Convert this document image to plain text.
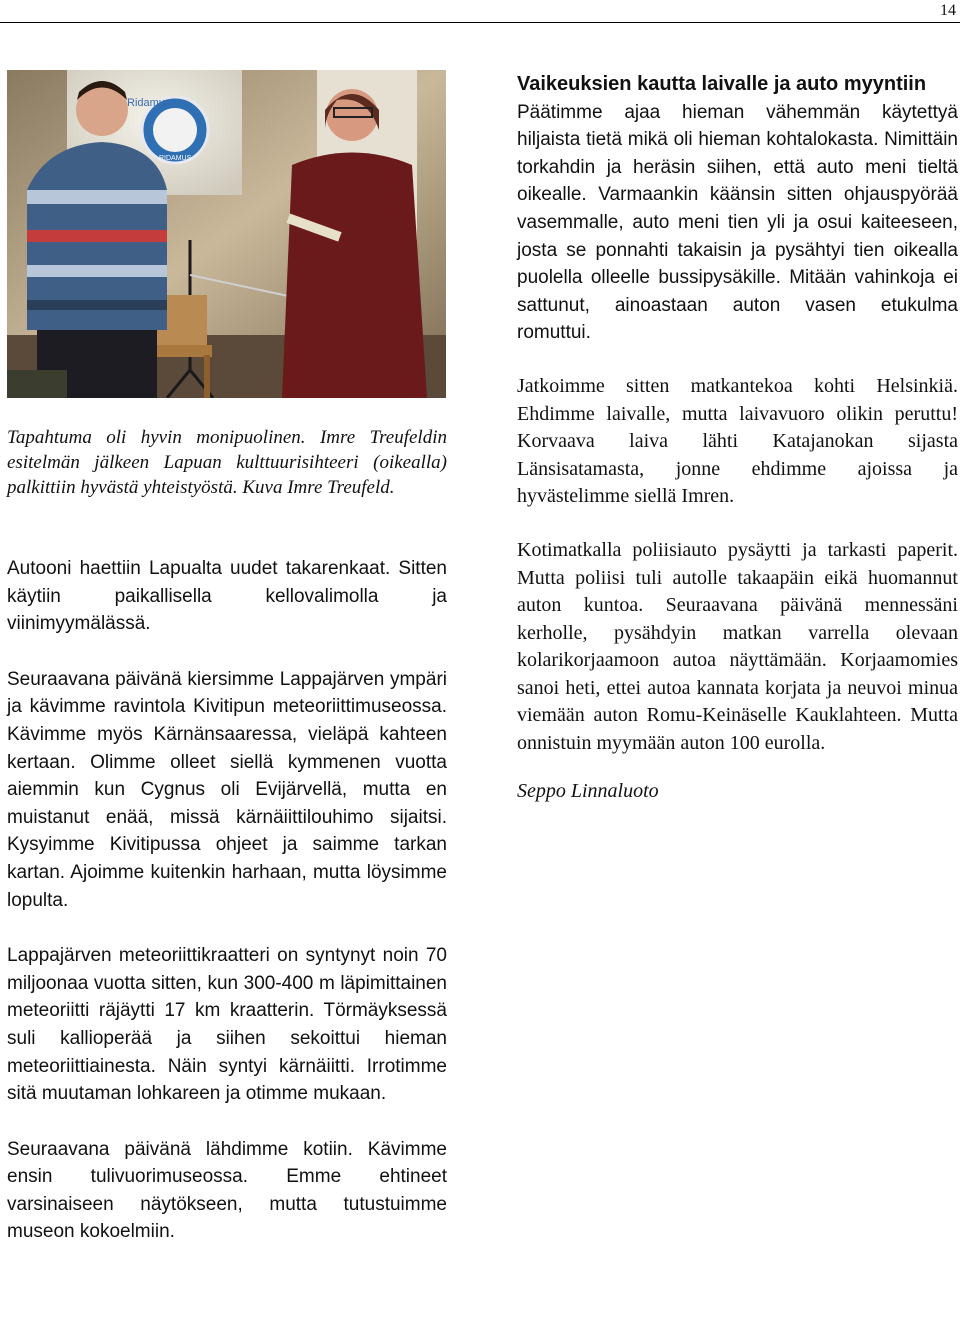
14
Ridamus
RIDAMUS

Tapahtuma oli hyvin monipuolinen. Imre Treufeldin esitelmän jälkeen Lapuan kulttuurisihteeri (oikealla) palkittiin hyvästä yhteistyöstä. Kuva Imre Treufeld.

Autooni haettiin Lapualta uudet takarenkaat. Sitten käytiin paikallisella kellovalimolla ja viinimyymälässä.

Seuraavana päivänä kiersimme Lappajärven ympäri ja kävimme ravintola Kivitipun meteoriittimuseossa. Kävimme myös Kärnänsaaressa, vieläpä kahteen kertaan. Olimme olleet siellä kymmenen vuotta aiemmin kun Cygnus oli Evijärvellä, mutta en muistanut enää, missä kärnäiittilouhimo sijaitsi. Kysyimme Kivitipussa ohjeet ja saimme tarkan kartan. Ajoimme kuitenkin harhaan, mutta löysimme lopulta.

Lappajärven meteoriittikraatteri on syntynyt noin 70 miljoonaa vuotta sitten, kun 300-400 m läpimittainen meteoriitti räjäytti 17 km kraatterin. Törmäyksessä suli kallioperää ja siihen sekoittui hieman meteoriittiainesta. Näin syntyi kärnäiitti. Irrotimme sitä muutaman lohkareen ja otimme mukaan.

Seuraavana päivänä lähdimme kotiin. Kävimme ensin tulivuorimuseossa. Emme ehtineet varsinaiseen näytökseen, mutta tutustuimme museon kokoelmiin.

Vaikeuksien kautta laivalle ja auto myyntiin

Päätimme ajaa hieman vähemmän käytettyä hiljaista tietä mikä oli hieman kohtalokasta. Nimittäin torkahdin ja heräsin siihen, että auto meni tieltä oikealle. Varmaankin käänsin sitten ohjauspyörää vasemmalle, auto meni tien yli ja osui kaiteeseen, josta se ponnahti takaisin ja pysähtyi tien oikealla puolella olleelle bussipysäkille. Mitään vahinkoja ei sattunut, ainoastaan auton vasen etukulma romuttui.

Jatkoimme sitten matkantekoa kohti Helsinkiä. Ehdimme laivalle, mutta laivavuoro olikin peruttu! Korvaava laiva lähti Katajanokan sijasta Länsisatamasta, jonne ehdimme ajoissa ja hyvästelimme siellä Imren.

Kotimatkalla poliisiauto pysäytti ja tarkasti paperit. Mutta poliisi tuli autolle takaapäin eikä huomannut auton kuntoa. Seuraavana päivänä mennessäni kerholle, pysähdyin matkan varrella olevaan kolarikorjaamoon autoa näyttämään. Korjaamomies sanoi heti, ettei autoa kannata korjata ja neuvoi minua viemään auton Romu-Keinäselle Kauklahteen. Mutta onnistuin myymään auton 100 eurolla.

Seppo Linnaluoto
